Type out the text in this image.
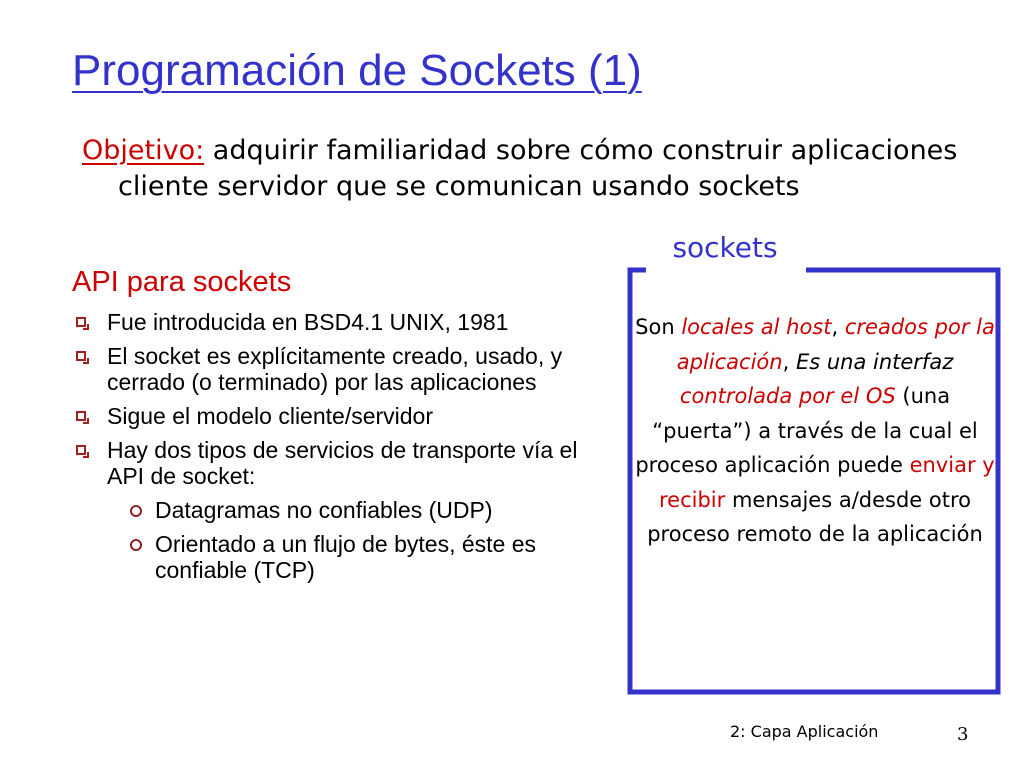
Programación de Sockets (1)

Objetivo: adquirir familiaridad sobre cómo construir aplicaciones cliente servidor que se comunican usando sockets

API para sockets
Fue introducida en BSD4.1 UNIX, 1981
El socket es explícitamente creado, usado, y cerrado (o terminado) por las aplicaciones
Sigue el modelo cliente/servidor
Hay dos tipos de servicios de transporte vía el API de socket:
Datagramas no confiables (UDP)
Orientado a un flujo de bytes, éste es confiable (TCP)
sockets

Son locales al host, creados por la aplicación, Es una interfaz controlada por el OS (una “puerta”) a través de la cual el proceso aplicación puede enviar y recibir mensajes a/desde otro proceso remoto de la aplicación

2: Capa Aplicación	3
